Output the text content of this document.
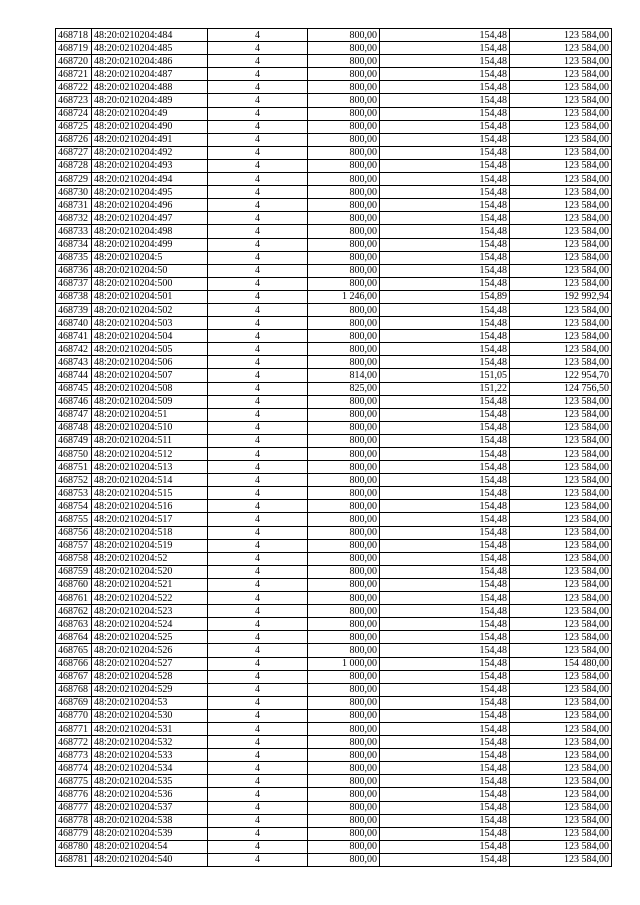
468718	48:20:0210204:484	4	800,00	154,48	123 584,00
468719	48:20:0210204:485	4	800,00	154,48	123 584,00
468720	48:20:0210204:486	4	800,00	154,48	123 584,00
468721	48:20:0210204:487	4	800,00	154,48	123 584,00
468722	48:20:0210204:488	4	800,00	154,48	123 584,00
468723	48:20:0210204:489	4	800,00	154,48	123 584,00
468724	48:20:0210204:49	4	800,00	154,48	123 584,00
468725	48:20:0210204:490	4	800,00	154,48	123 584,00
468726	48:20:0210204:491	4	800,00	154,48	123 584,00
468727	48:20:0210204:492	4	800,00	154,48	123 584,00
468728	48:20:0210204:493	4	800,00	154,48	123 584,00
468729	48:20:0210204:494	4	800,00	154,48	123 584,00
468730	48:20:0210204:495	4	800,00	154,48	123 584,00
468731	48:20:0210204:496	4	800,00	154,48	123 584,00
468732	48:20:0210204:497	4	800,00	154,48	123 584,00
468733	48:20:0210204:498	4	800,00	154,48	123 584,00
468734	48:20:0210204:499	4	800,00	154,48	123 584,00
468735	48:20:0210204:5	4	800,00	154,48	123 584,00
468736	48:20:0210204:50	4	800,00	154,48	123 584,00
468737	48:20:0210204:500	4	800,00	154,48	123 584,00
468738	48:20:0210204:501	4	1 246,00	154,89	192 992,94
468739	48:20:0210204:502	4	800,00	154,48	123 584,00
468740	48:20:0210204:503	4	800,00	154,48	123 584,00
468741	48:20:0210204:504	4	800,00	154,48	123 584,00
468742	48:20:0210204:505	4	800,00	154,48	123 584,00
468743	48:20:0210204:506	4	800,00	154,48	123 584,00
468744	48:20:0210204:507	4	814,00	151,05	122 954,70
468745	48:20:0210204:508	4	825,00	151,22	124 756,50
468746	48:20:0210204:509	4	800,00	154,48	123 584,00
468747	48:20:0210204:51	4	800,00	154,48	123 584,00
468748	48:20:0210204:510	4	800,00	154,48	123 584,00
468749	48:20:0210204:511	4	800,00	154,48	123 584,00
468750	48:20:0210204:512	4	800,00	154,48	123 584,00
468751	48:20:0210204:513	4	800,00	154,48	123 584,00
468752	48:20:0210204:514	4	800,00	154,48	123 584,00
468753	48:20:0210204:515	4	800,00	154,48	123 584,00
468754	48:20:0210204:516	4	800,00	154,48	123 584,00
468755	48:20:0210204:517	4	800,00	154,48	123 584,00
468756	48:20:0210204:518	4	800,00	154,48	123 584,00
468757	48:20:0210204:519	4	800,00	154,48	123 584,00
468758	48:20:0210204:52	4	800,00	154,48	123 584,00
468759	48:20:0210204:520	4	800,00	154,48	123 584,00
468760	48:20:0210204:521	4	800,00	154,48	123 584,00
468761	48:20:0210204:522	4	800,00	154,48	123 584,00
468762	48:20:0210204:523	4	800,00	154,48	123 584,00
468763	48:20:0210204:524	4	800,00	154,48	123 584,00
468764	48:20:0210204:525	4	800,00	154,48	123 584,00
468765	48:20:0210204:526	4	800,00	154,48	123 584,00
468766	48:20:0210204:527	4	1 000,00	154,48	154 480,00
468767	48:20:0210204:528	4	800,00	154,48	123 584,00
468768	48:20:0210204:529	4	800,00	154,48	123 584,00
468769	48:20:0210204:53	4	800,00	154,48	123 584,00
468770	48:20:0210204:530	4	800,00	154,48	123 584,00
468771	48:20:0210204:531	4	800,00	154,48	123 584,00
468772	48:20:0210204:532	4	800,00	154,48	123 584,00
468773	48:20:0210204:533	4	800,00	154,48	123 584,00
468774	48:20:0210204:534	4	800,00	154,48	123 584,00
468775	48:20:0210204:535	4	800,00	154,48	123 584,00
468776	48:20:0210204:536	4	800,00	154,48	123 584,00
468777	48:20:0210204:537	4	800,00	154,48	123 584,00
468778	48:20:0210204:538	4	800,00	154,48	123 584,00
468779	48:20:0210204:539	4	800,00	154,48	123 584,00
468780	48:20:0210204:54	4	800,00	154,48	123 584,00
468781	48:20:0210204:540	4	800,00	154,48	123 584,00
